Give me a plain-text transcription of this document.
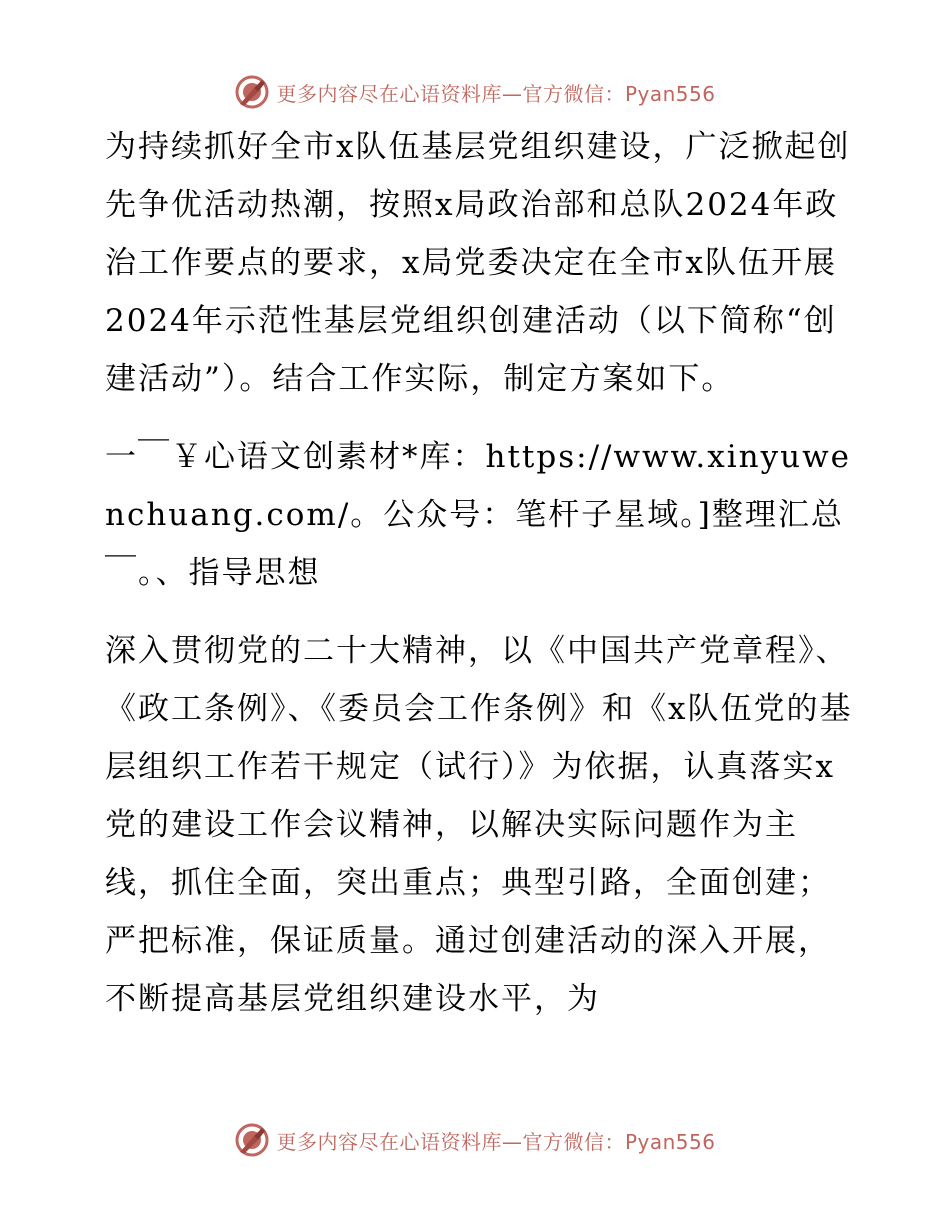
更多内容尽在心语资料库—官方微信：Pyan556

为持续抓好全市x队伍基层党组织建设，广泛掀起创先争优活动热潮，按照x局政治部和总队2024年政治工作要点的要求，x局党委决定在全市x队伍开展2024年示范性基层党组织创建活动（以下简称“创建活动”）。结合工作实际，制定方案如下。

一￣￥心语文创素材*库：https://www.xinyuwenchuang.com/。公众号：笔杆子星域。]整理汇总￣。、指导思想

深入贯彻党的二十大精神，以《中国共产党章程》、《政工条例》、《委员会工作条例》和《x队伍党的基层组织工作若干规定（试行）》为依据，认真落实x党的建设工作会议精神，以解决实际问题作为主线，抓住全面，突出重点；典型引路，全面创建；严把标准，保证质量。通过创建活动的深入开展，不断提高基层党组织建设水平，为

更多内容尽在心语资料库—官方微信：Pyan556
